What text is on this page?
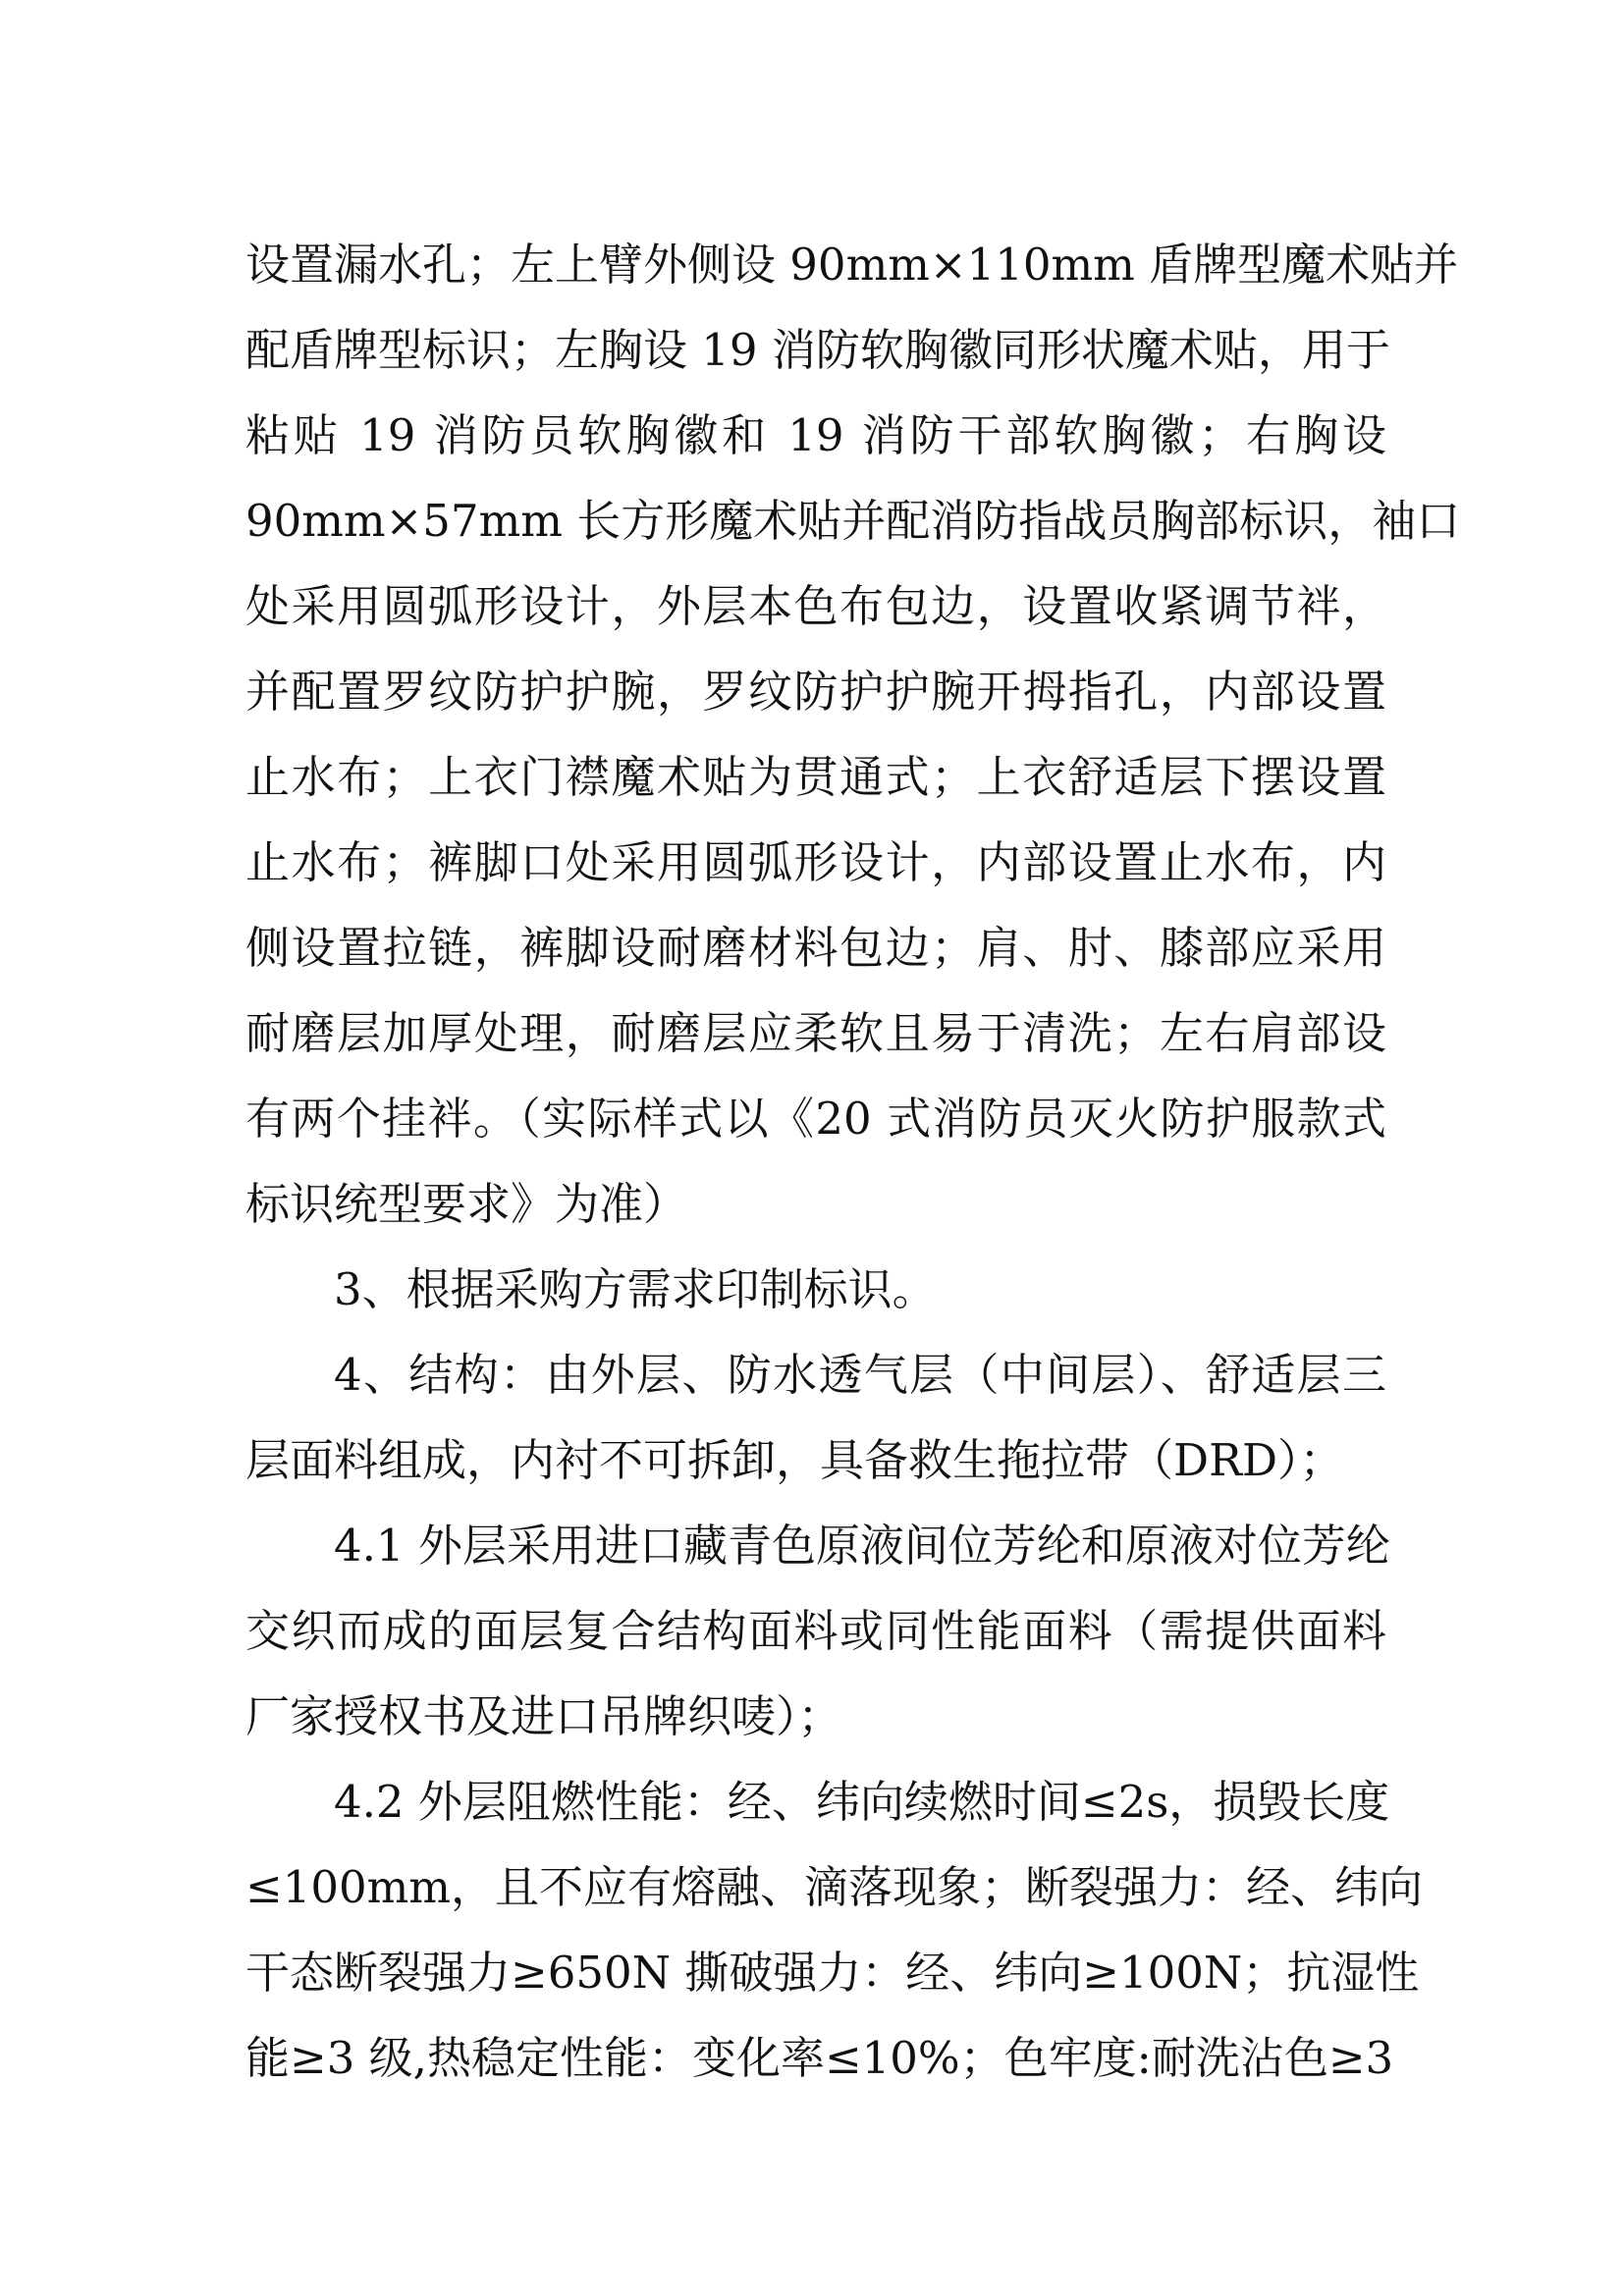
设置漏水孔；左上臂外侧设 90mm×110mm 盾牌型魔术贴并
配盾牌型标识；左胸设 19 消防软胸徽同形状魔术贴，用于
粘贴 19 消防员软胸徽和 19 消防干部软胸徽；右胸设
90mm×57mm 长方形魔术贴并配消防指战员胸部标识，袖口
处采用圆弧形设计，外层本色布包边，设置收紧调节袢，
并配置罗纹防护护腕，罗纹防护护腕开拇指孔，内部设置
止水布；上衣门襟魔术贴为贯通式；上衣舒适层下摆设置
止水布；裤脚口处采用圆弧形设计，内部设置止水布，内
侧设置拉链，裤脚设耐磨材料包边；肩、肘、膝部应采用
耐磨层加厚处理，耐磨层应柔软且易于清洗；左右肩部设
有两个挂袢。（实际样式以《20 式消防员灭火防护服款式
标识统型要求》为准）
3、根据采购方需求印制标识。
4、结构：由外层、防水透气层（中间层）、舒适层三
层面料组成，内衬不可拆卸，具备救生拖拉带（DRD）；
4.1 外层采用进口藏青色原液间位芳纶和原液对位芳纶
交织而成的面层复合结构面料或同性能面料（需提供面料
厂家授权书及进口吊牌织唛）；
4.2 外层阻燃性能：经、纬向续燃时间≤2s，损毁长度
≤100mm，且不应有熔融、滴落现象；断裂强力：经、纬向
干态断裂强力≥650N 撕破强力：经、纬向≥100N；抗湿性
能≥3 级,热稳定性能：变化率≤10%；色牢度:耐洗沾色≥3
